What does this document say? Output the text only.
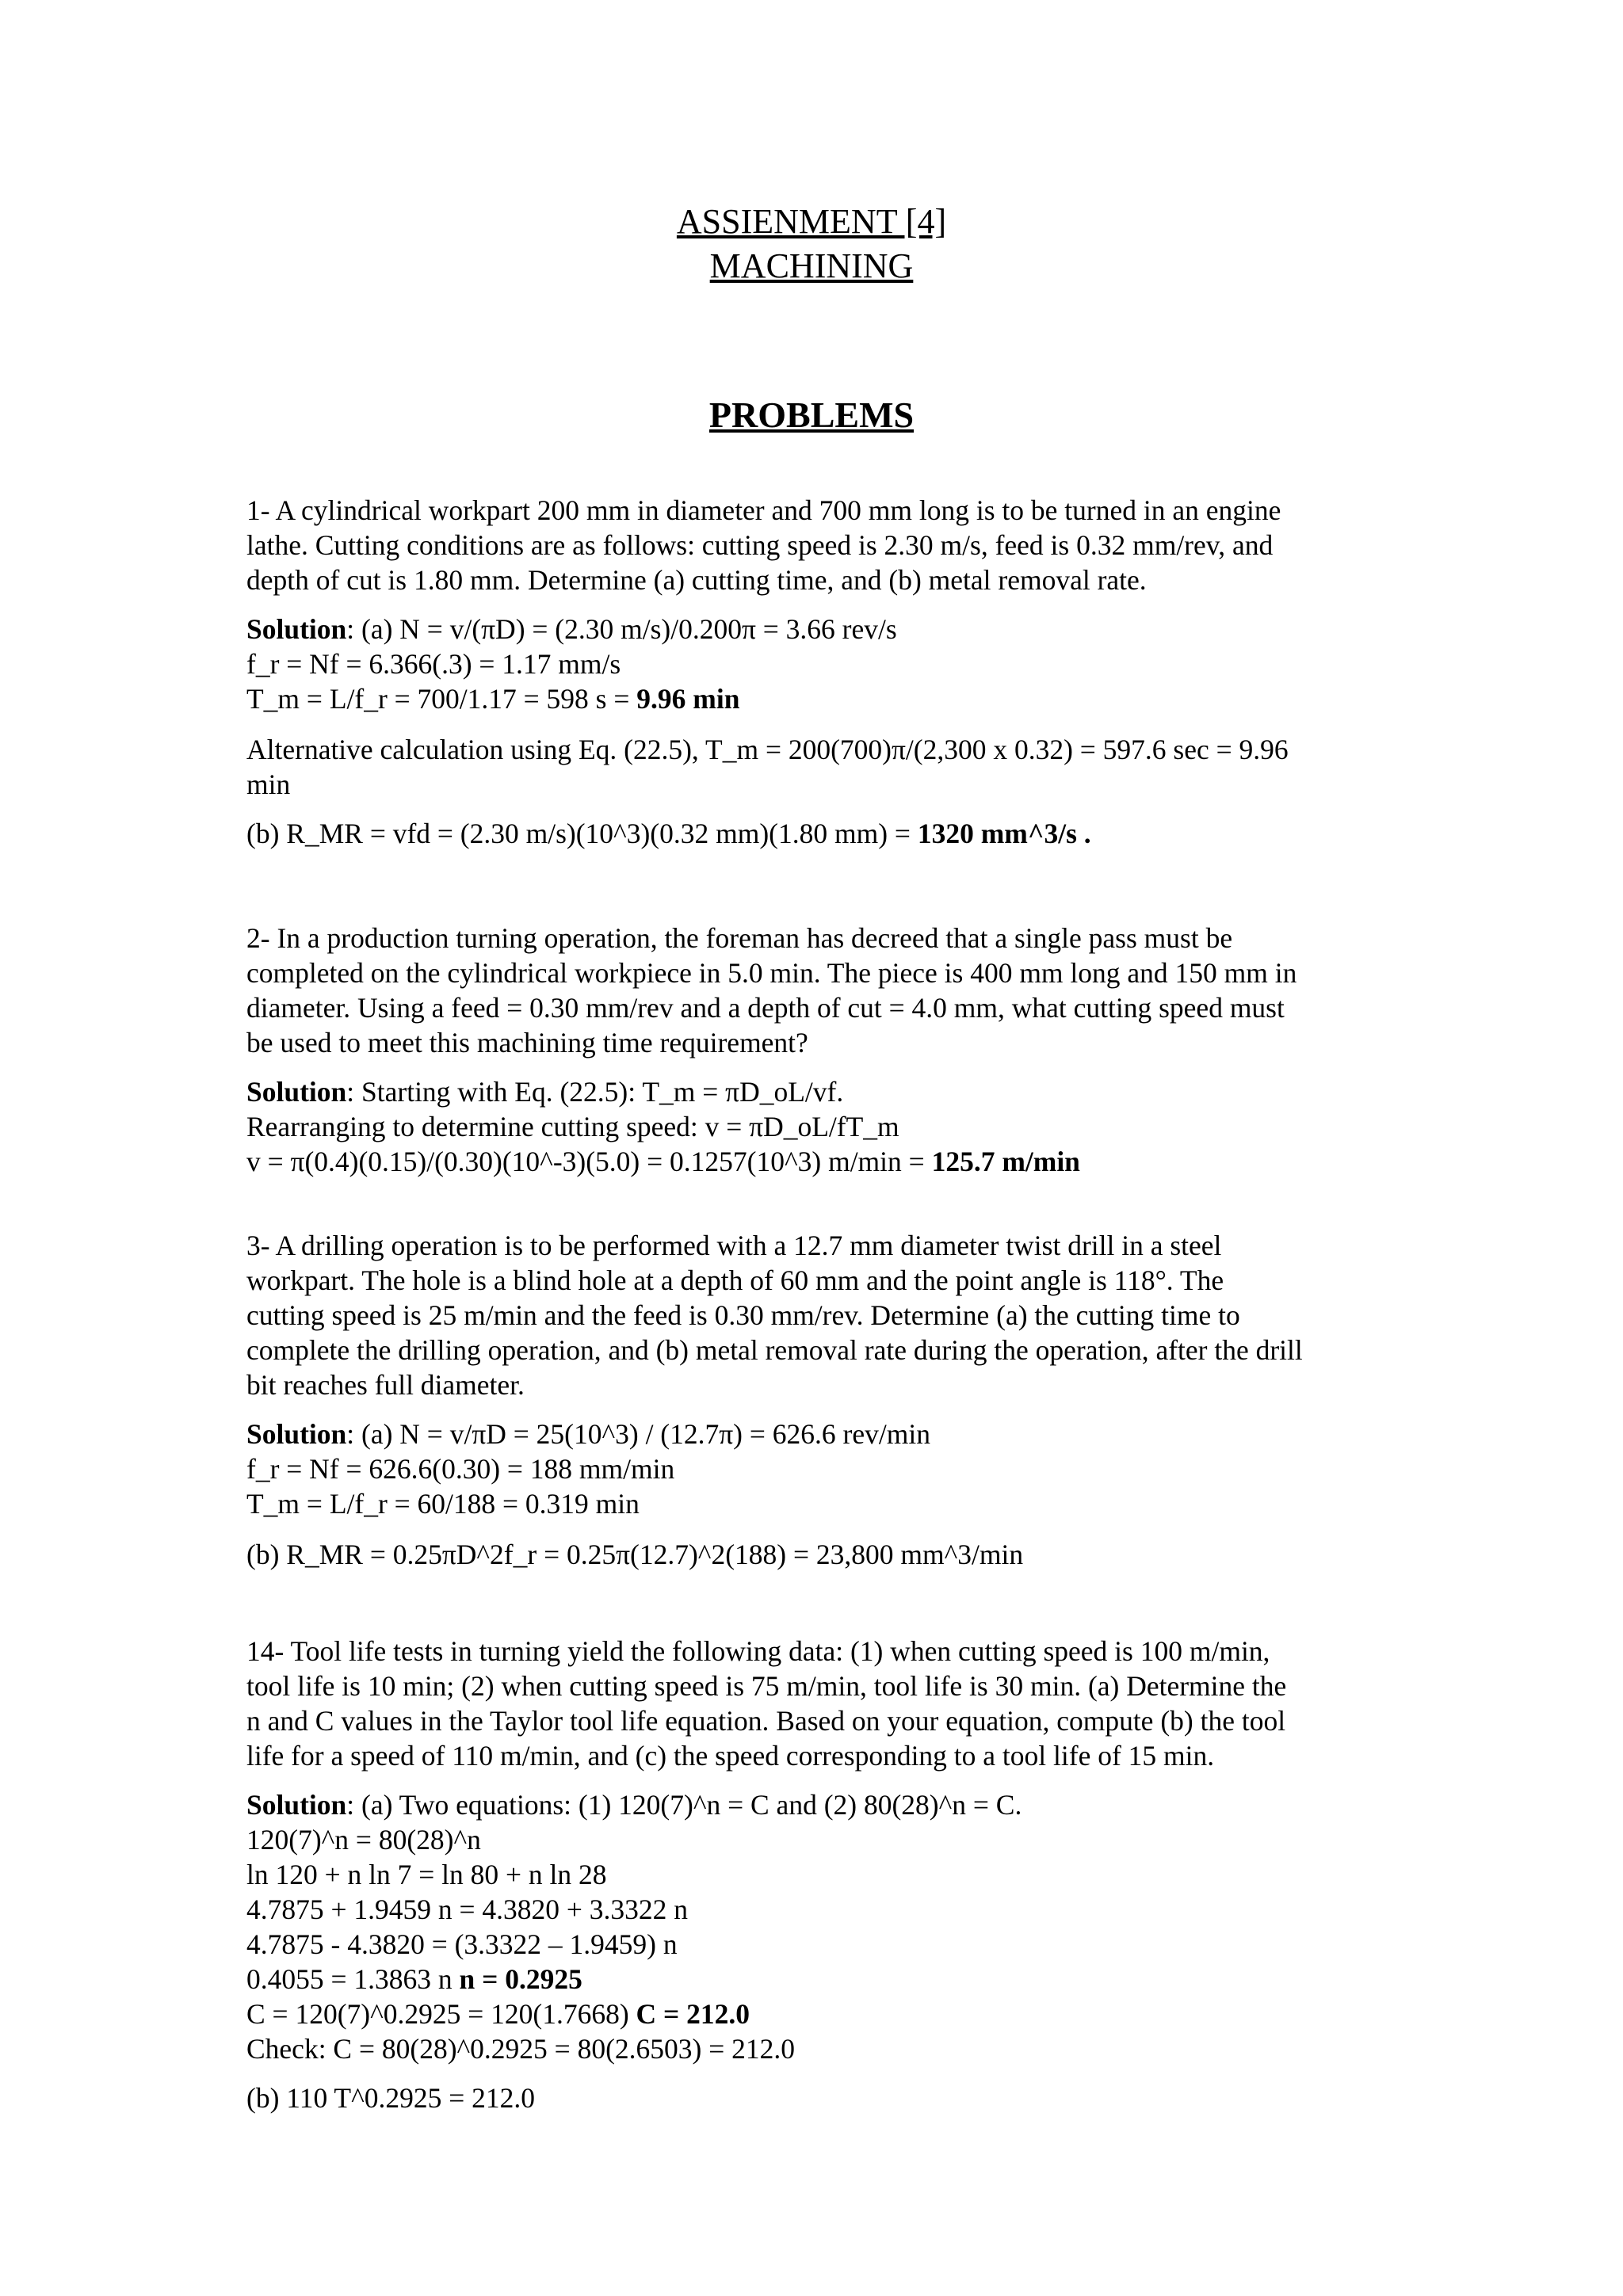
ASSIENMENT [4]
MACHINING
PROBLEMS
1- A cylindrical workpart 200 mm in diameter and 700 mm long is to be turned in an engine
lathe. Cutting conditions are as follows: cutting speed is 2.30 m/s, feed is 0.32 mm/rev, and
depth of cut is 1.80 mm. Determine (a) cutting time, and (b) metal removal rate.
Solution: (a) N = v/(πD) = (2.30 m/s)/0.200π = 3.66 rev/s
f_r = Nf = 6.366(.3) = 1.17 mm/s
T_m = L/f_r = 700/1.17 = 598 s = 9.96 min
Alternative calculation using Eq. (22.5), T_m = 200(700)π/(2,300 x 0.32) = 597.6 sec = 9.96
min
(b) R_MR = vfd = (2.30 m/s)(10^3)(0.32 mm)(1.80 mm) = 1320 mm^3/s .
2- In a production turning operation, the foreman has decreed that a single pass must be
completed on the cylindrical workpiece in 5.0 min. The piece is 400 mm long and 150 mm in
diameter. Using a feed = 0.30 mm/rev and a depth of cut = 4.0 mm, what cutting speed must
be used to meet this machining time requirement?
Solution: Starting with Eq. (22.5): T_m = πD_oL/vf.
Rearranging to determine cutting speed: v = πD_oL/fT_m
v = π(0.4)(0.15)/(0.30)(10^-3)(5.0) = 0.1257(10^3) m/min = 125.7 m/min
3- A drilling operation is to be performed with a 12.7 mm diameter twist drill in a steel
workpart. The hole is a blind hole at a depth of 60 mm and the point angle is 118°. The
cutting speed is 25 m/min and the feed is 0.30 mm/rev. Determine (a) the cutting time to
complete the drilling operation, and (b) metal removal rate during the operation, after the drill
bit reaches full diameter.
Solution: (a) N = v/πD = 25(10^3) / (12.7π) = 626.6 rev/min
f_r = Nf = 626.6(0.30) = 188 mm/min
T_m = L/f_r = 60/188 = 0.319 min
(b) R_MR = 0.25πD^2f_r = 0.25π(12.7)^2(188) = 23,800 mm^3/min
14- Tool life tests in turning yield the following data: (1) when cutting speed is 100 m/min,
tool life is 10 min; (2) when cutting speed is 75 m/min, tool life is 30 min. (a) Determine the
n and C values in the Taylor tool life equation. Based on your equation, compute (b) the tool
life for a speed of 110 m/min, and (c) the speed corresponding to a tool life of 15 min.
Solution: (a) Two equations: (1) 120(7)^n = C and (2) 80(28)^n = C.
120(7)^n = 80(28)^n
ln 120 + n ln 7 = ln 80 + n ln 28
4.7875 + 1.9459 n = 4.3820 + 3.3322 n
4.7875 - 4.3820 = (3.3322 – 1.9459) n
0.4055 = 1.3863 n n = 0.2925
C = 120(7)^0.2925 = 120(1.7668) C = 212.0
Check: C = 80(28)^0.2925 = 80(2.6503) = 212.0
(b) 110 T^0.2925 = 212.0
